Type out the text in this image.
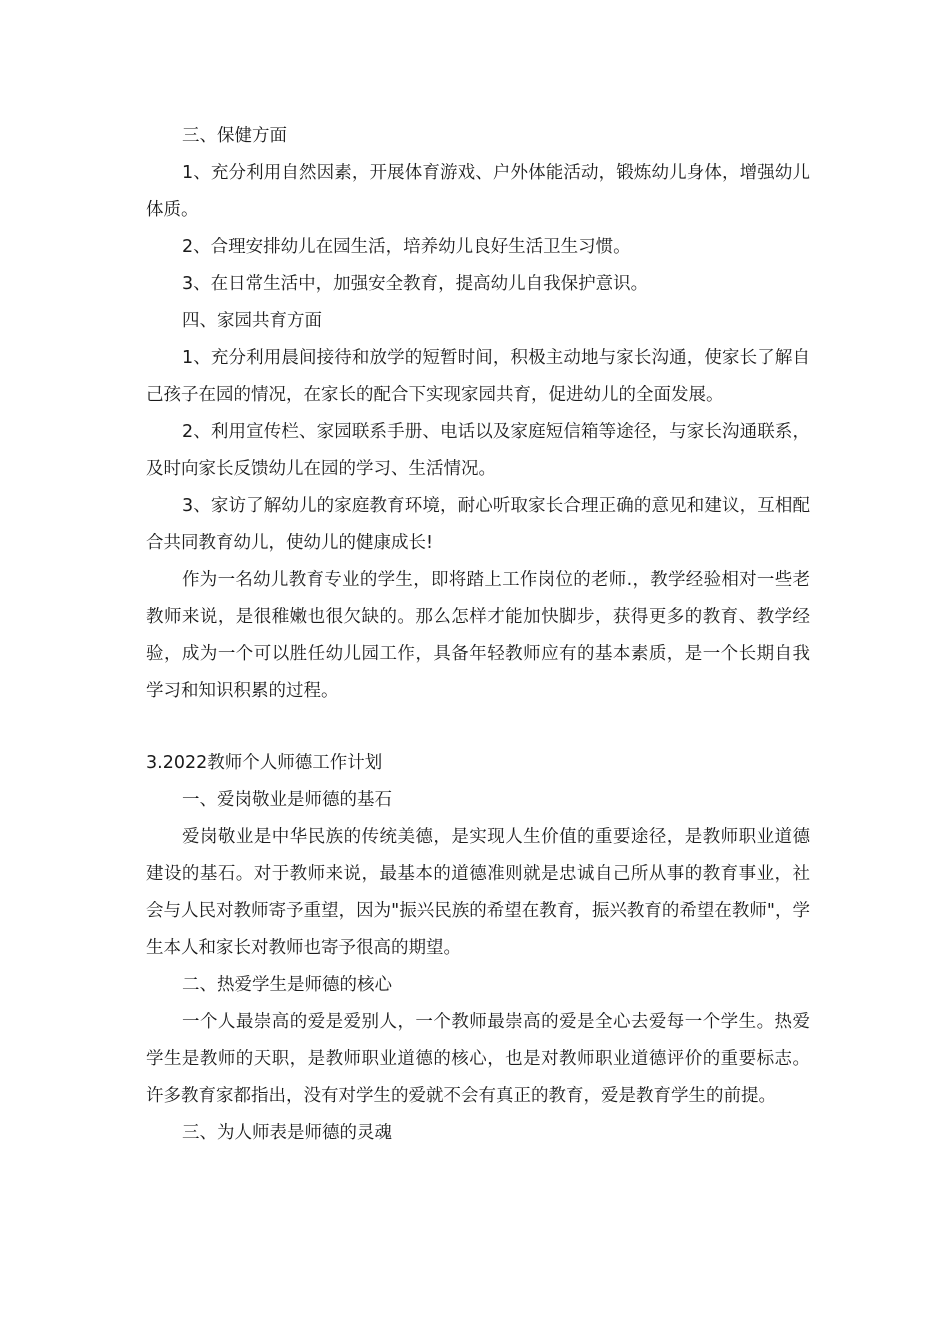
三、保健方面

1、充分利用自然因素，开展体育游戏、户外体能活动，锻炼幼儿身体，增强幼儿体质。

2、合理安排幼儿在园生活，培养幼儿良好生活卫生习惯。

3、在日常生活中，加强安全教育，提高幼儿自我保护意识。

四、家园共育方面

1、充分利用晨间接待和放学的短暂时间，积极主动地与家长沟通，使家长了解自己孩子在园的情况，在家长的配合下实现家园共育，促进幼儿的全面发展。

2、利用宣传栏、家园联系手册、电话以及家庭短信箱等途径，与家长沟通联系，及时向家长反馈幼儿在园的学习、生活情况。

3、家访了解幼儿的家庭教育环境，耐心听取家长合理正确的意见和建议，互相配合共同教育幼儿，使幼儿的健康成长!

作为一名幼儿教育专业的学生，即将踏上工作岗位的老师.，教学经验相对一些老教师来说，是很稚嫩也很欠缺的。那么怎样才能加快脚步，获得更多的教育、教学经验，成为一个可以胜任幼儿园工作，具备年轻教师应有的基本素质，是一个长期自我学习和知识积累的过程。

3.2022教师个人师德工作计划

一、爱岗敬业是师德的基石

爱岗敬业是中华民族的传统美德，是实现人生价值的重要途径，是教师职业道德建设的基石。对于教师来说，最基本的道德准则就是忠诚自己所从事的教育事业，社会与人民对教师寄予重望，因为"振兴民族的希望在教育，振兴教育的希望在教师"，学生本人和家长对教师也寄予很高的期望。

二、热爱学生是师德的核心

一个人最崇高的爱是爱别人，一个教师最崇高的爱是全心去爱每一个学生。热爱学生是教师的天职，是教师职业道德的核心，也是对教师职业道德评价的重要标志。许多教育家都指出，没有对学生的爱就不会有真正的教育，爱是教育学生的前提。

三、为人师表是师德的灵魂
